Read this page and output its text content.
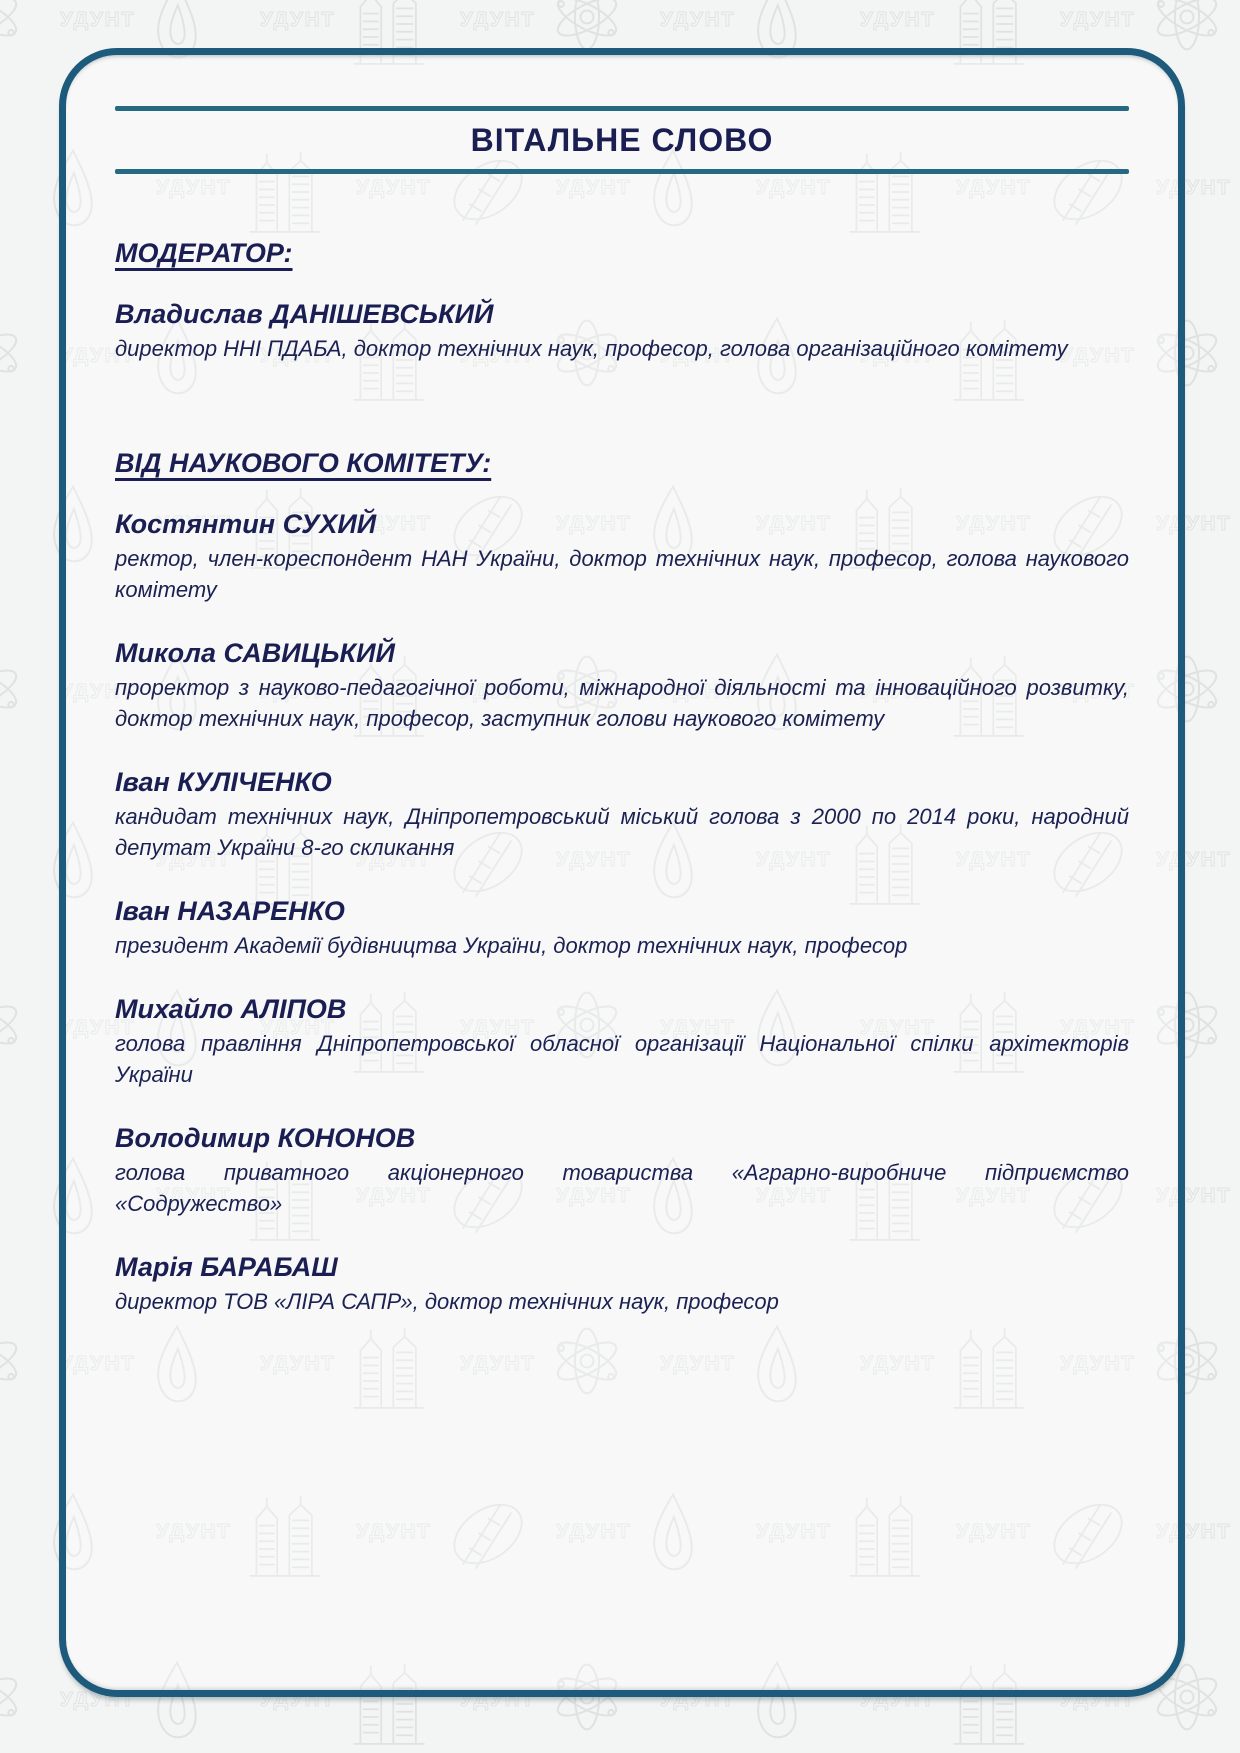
ВІТАЛЬНЕ СЛОВО
МОДЕРАТОР:

Владислав ДАНІШЕВСЬКИЙ

директор ННІ ПДАБА, доктор технічних наук, професор, голова організаційного комітету

ВІД НАУКОВОГО КОМІТЕТУ:

Костянтин СУХИЙ

ректор, член-кореспондент НАН України, доктор технічних наук, професор, голова наукового комітету

Микола САВИЦЬКИЙ

проректор з науково-педагогічної роботи, міжнародної діяльності та інноваційного розвитку, доктор технічних наук, професор, заступник голови наукового комітету

Іван КУЛІЧЕНКО

кандидат технічних наук, Дніпропетровський міський голова з 2000 по 2014 роки, народний депутат України 8-го скликання

Іван НАЗАРЕНКО

президент Академії будівництва України, доктор технічних наук, професор

Михайло АЛІПОВ

голова правління Дніпропетровської обласної організації Національної спілки архітекторів України

Володимир КОНОНОВ

голова приватного акціонерного товариства «Аграрно-виробниче підприємство «Содружество»

Марія БАРАБАШ

директор ТОВ «ЛІРА САПР», доктор технічних наук, професор
